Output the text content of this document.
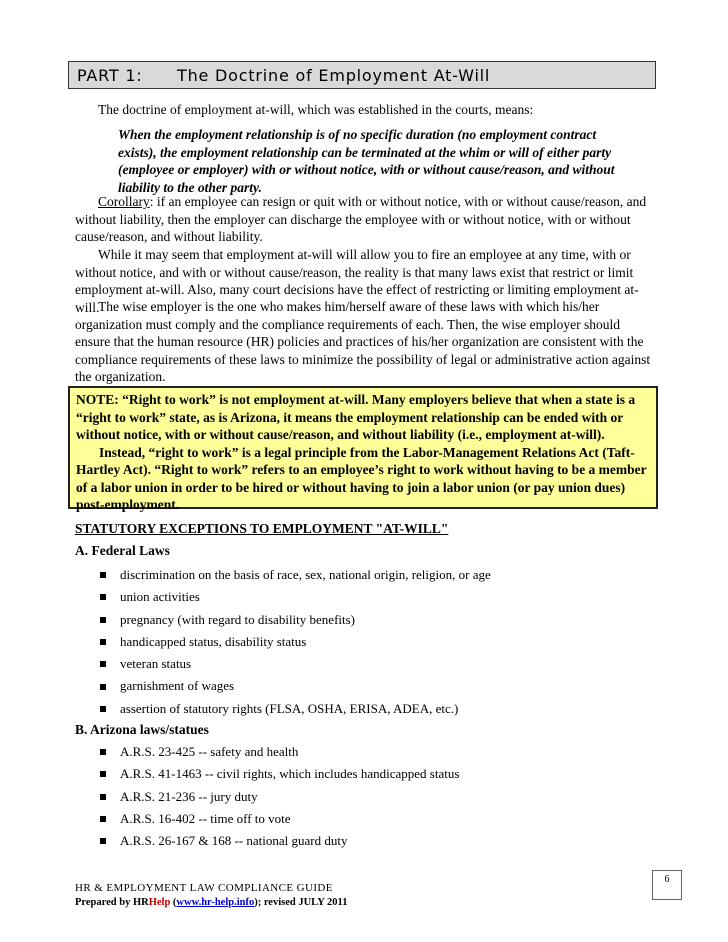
PART 1: The Doctrine of Employment At-Will
The doctrine of employment at-will, which was established in the courts, means:
When the employment relationship is of no specific duration (no employment contract exists), the employment relationship can be terminated at the whim or will of either party (employee or employer) with or without notice, with or without cause/reason, and without liability to the other party.
Corollary: if an employee can resign or quit with or without notice, with or without cause/reason, and without liability, then the employer can discharge the employee with or without notice, with or without cause/reason, and without liability.
While it may seem that employment at-will will allow you to fire an employee at any time, with or without notice, and with or without cause/reason, the reality is that many laws exist that restrict or limit employment at-will. Also, many court decisions have the effect of restricting or limiting employment at-will.
The wise employer is the one who makes him/herself aware of these laws with which his/her organization must comply and the compliance requirements of each. Then, the wise employer should ensure that the human resource (HR) policies and practices of his/her organization are consistent with the compliance requirements of these laws to minimize the possibility of legal or administrative action against the organization.
NOTE: “Right to work” is not employment at-will. Many employers believe that when a state is a “right to work” state, as is Arizona, it means the employment relationship can be ended with or without notice, with or without cause/reason, and without liability (i.e., employment at-will).
Instead, “right to work” is a legal principle from the Labor-Management Relations Act (Taft-Hartley Act). “Right to work” refers to an employee’s right to work without having to be a member of a labor union in order to be hired or without having to join a labor union (or pay union dues) post-employment.
STATUTORY EXCEPTIONS TO EMPLOYMENT "AT-WILL"
A. Federal Laws
discrimination on the basis of race, sex, national origin, religion, or age
union activities
pregnancy (with regard to disability benefits)
handicapped status, disability status
veteran status
garnishment of wages
assertion of statutory rights (FLSA, OSHA, ERISA, ADEA, etc.)
B. Arizona laws/statues
A.R.S. 23-425 -- safety and health
A.R.S. 41-1463 -- civil rights, which includes handicapped status
A.R.S. 21-236 -- jury duty
A.R.S. 16-402 -- time off to vote
A.R.S. 26-167 & 168 -- national guard duty
HR & EMPLOYMENT LAW COMPLIANCE GUIDE
Prepared by HRHelp (www.hr-help.info); revised JULY 2011
6
